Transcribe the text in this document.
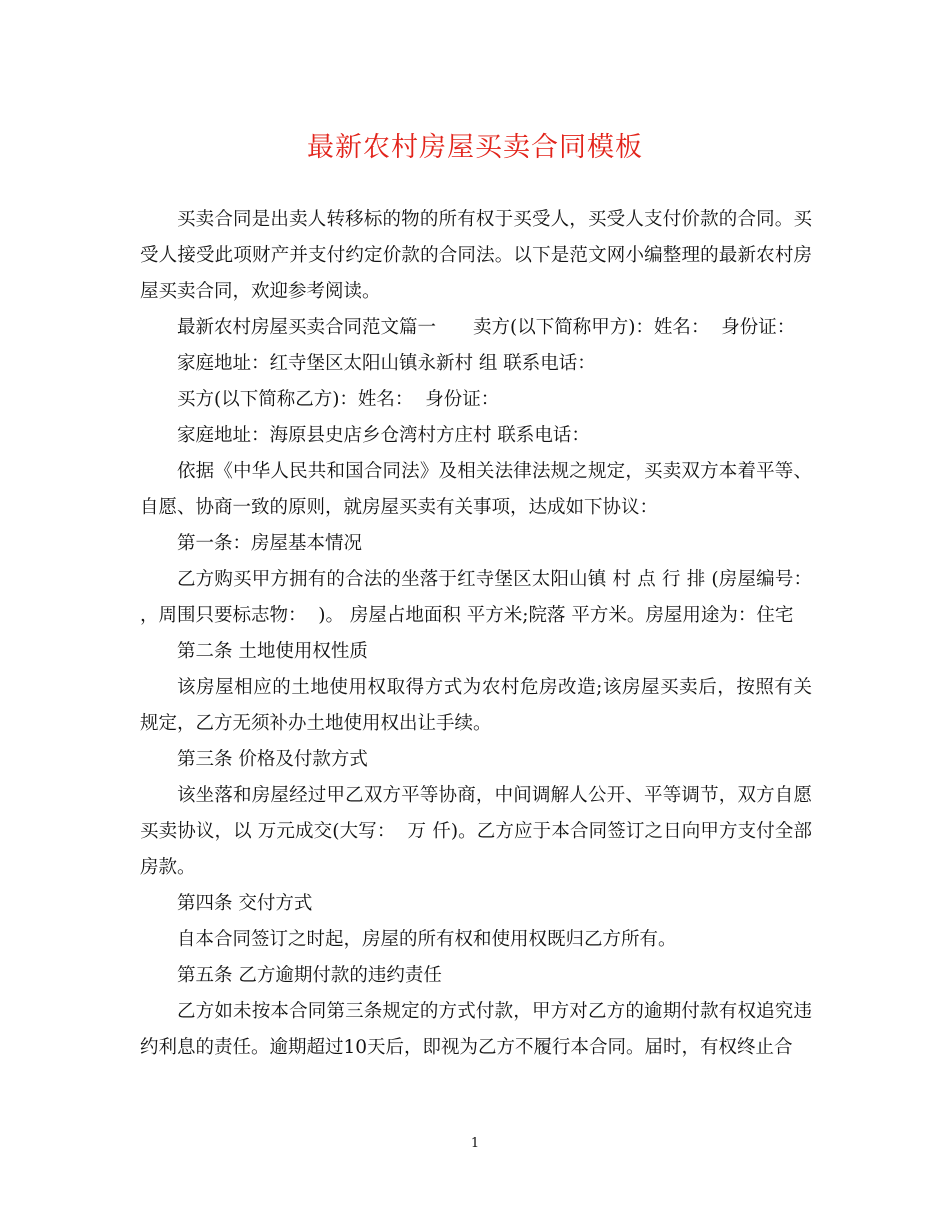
最新农村房屋买卖合同模板

买卖合同是出卖人转移标的物的所有权于买受人，买受人支付价款的合同。买受人接受此项财产并支付约定价款的合同法。以下是范文网小编整理的最新农村房屋买卖合同，欢迎参考阅读。

最新农村房屋买卖合同范文篇一　　卖方(以下简称甲方)：姓名：  身份证：

家庭地址：红寺堡区太阳山镇永新村 组 联系电话：

买方(以下简称乙方)：姓名：  身份证：

家庭地址：海原县史店乡仓湾村方庄村 联系电话：

依据《中华人民共和国合同法》及相关法律法规之规定，买卖双方本着平等、自愿、协商一致的原则，就房屋买卖有关事项，达成如下协议：

第一条：房屋基本情况

乙方购买甲方拥有的合法的坐落于红寺堡区太阳山镇 村 点 行 排 (房屋编号：  ，周围只要标志物：  )。 房屋占地面积 平方米;院落 平方米。房屋用途为：住宅

第二条 土地使用权性质

该房屋相应的土地使用权取得方式为农村危房改造;该房屋买卖后，按照有关规定，乙方无须补办土地使用权出让手续。

第三条 价格及付款方式

该坐落和房屋经过甲乙双方平等协商，中间调解人公开、平等调节，双方自愿买卖协议，以 万元成交(大写：  万 仟)。乙方应于本合同签订之日向甲方支付全部房款。

第四条 交付方式

自本合同签订之时起，房屋的所有权和使用权既归乙方所有。

第五条 乙方逾期付款的违约责任

乙方如未按本合同第三条规定的方式付款，甲方对乙方的逾期付款有权追究违约利息的责任。逾期超过10天后，即视为乙方不履行本合同。届时，有权终止合

1
